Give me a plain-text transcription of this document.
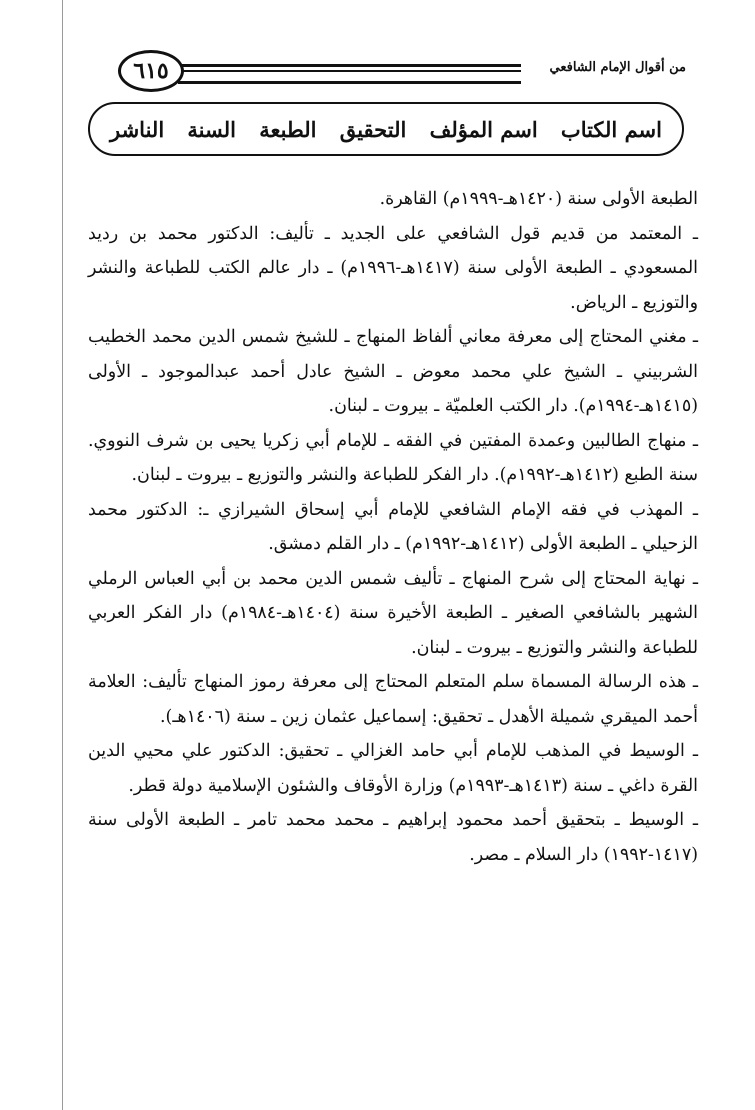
٦١٥	من أقوال الإمام الشافعي
اسم الكتاب
اسم المؤلف
التحقيق
الطبعة
السنة
الناشر

الطبعة الأولى سنة (١٤٢٠هـ-١٩٩٩م) القاهرة.

ـ المعتمد من قديم قول الشافعي على الجديد ـ تأليف: الدكتور محمد بن رديد المسعودي ـ الطبعة الأولى سنة (١٤١٧هـ-١٩٩٦م) ـ دار عالم الكتب للطباعة والنشر والتوزيع ـ الرياض.

ـ مغني المحتاج إلى معرفة معاني ألفاظ المنهاج ـ للشيخ شمس الدين محمد الخطيب الشربيني ـ الشيخ علي محمد معوض ـ الشيخ عادل أحمد عبدالموجود ـ الأولى (١٤١٥هـ-١٩٩٤م). دار الكتب العلميّة ـ بيروت ـ لبنان.

ـ منهاج الطالبين وعمدة المفتين في الفقه ـ للإمام أبي زكريا يحيى بن شرف النووي. سنة الطبع (١٤١٢هـ-١٩٩٢م). دار الفكر للطباعة والنشر والتوزيع ـ بيروت ـ لبنان.

ـ المهذب في فقه الإمام الشافعي للإمام أبي إسحاق الشيرازي ـ: الدكتور محمد الزحيلي ـ الطبعة الأولى (١٤١٢هـ-١٩٩٢م) ـ دار القلم دمشق.

ـ نهاية المحتاج إلى شرح المنهاج ـ تأليف شمس الدين محمد بن أبي العباس الرملي الشهير بالشافعي الصغير ـ الطبعة الأخيرة سنة (١٤٠٤هـ-١٩٨٤م) دار الفكر العربي للطباعة والنشر والتوزيع ـ بيروت ـ لبنان.

ـ هذه الرسالة المسماة سلم المتعلم المحتاج إلى معرفة رموز المنهاج تأليف: العلامة أحمد الميقري شميلة الأهدل ـ تحقيق: إسماعيل عثمان زين ـ سنة (١٤٠٦هـ).

ـ الوسيط في المذهب للإمام أبي حامد الغزالي ـ تحقيق: الدكتور علي محيي الدين القرة داغي ـ سنة (١٤١٣هـ-١٩٩٣م) وزارة الأوقاف والشئون الإسلامية دولة قطر.

ـ الوسيط ـ بتحقيق أحمد محمود إبراهيم ـ محمد محمد تامر ـ الطبعة الأولى سنة (١٤١٧-١٩٩٢) دار السلام ـ مصر.
